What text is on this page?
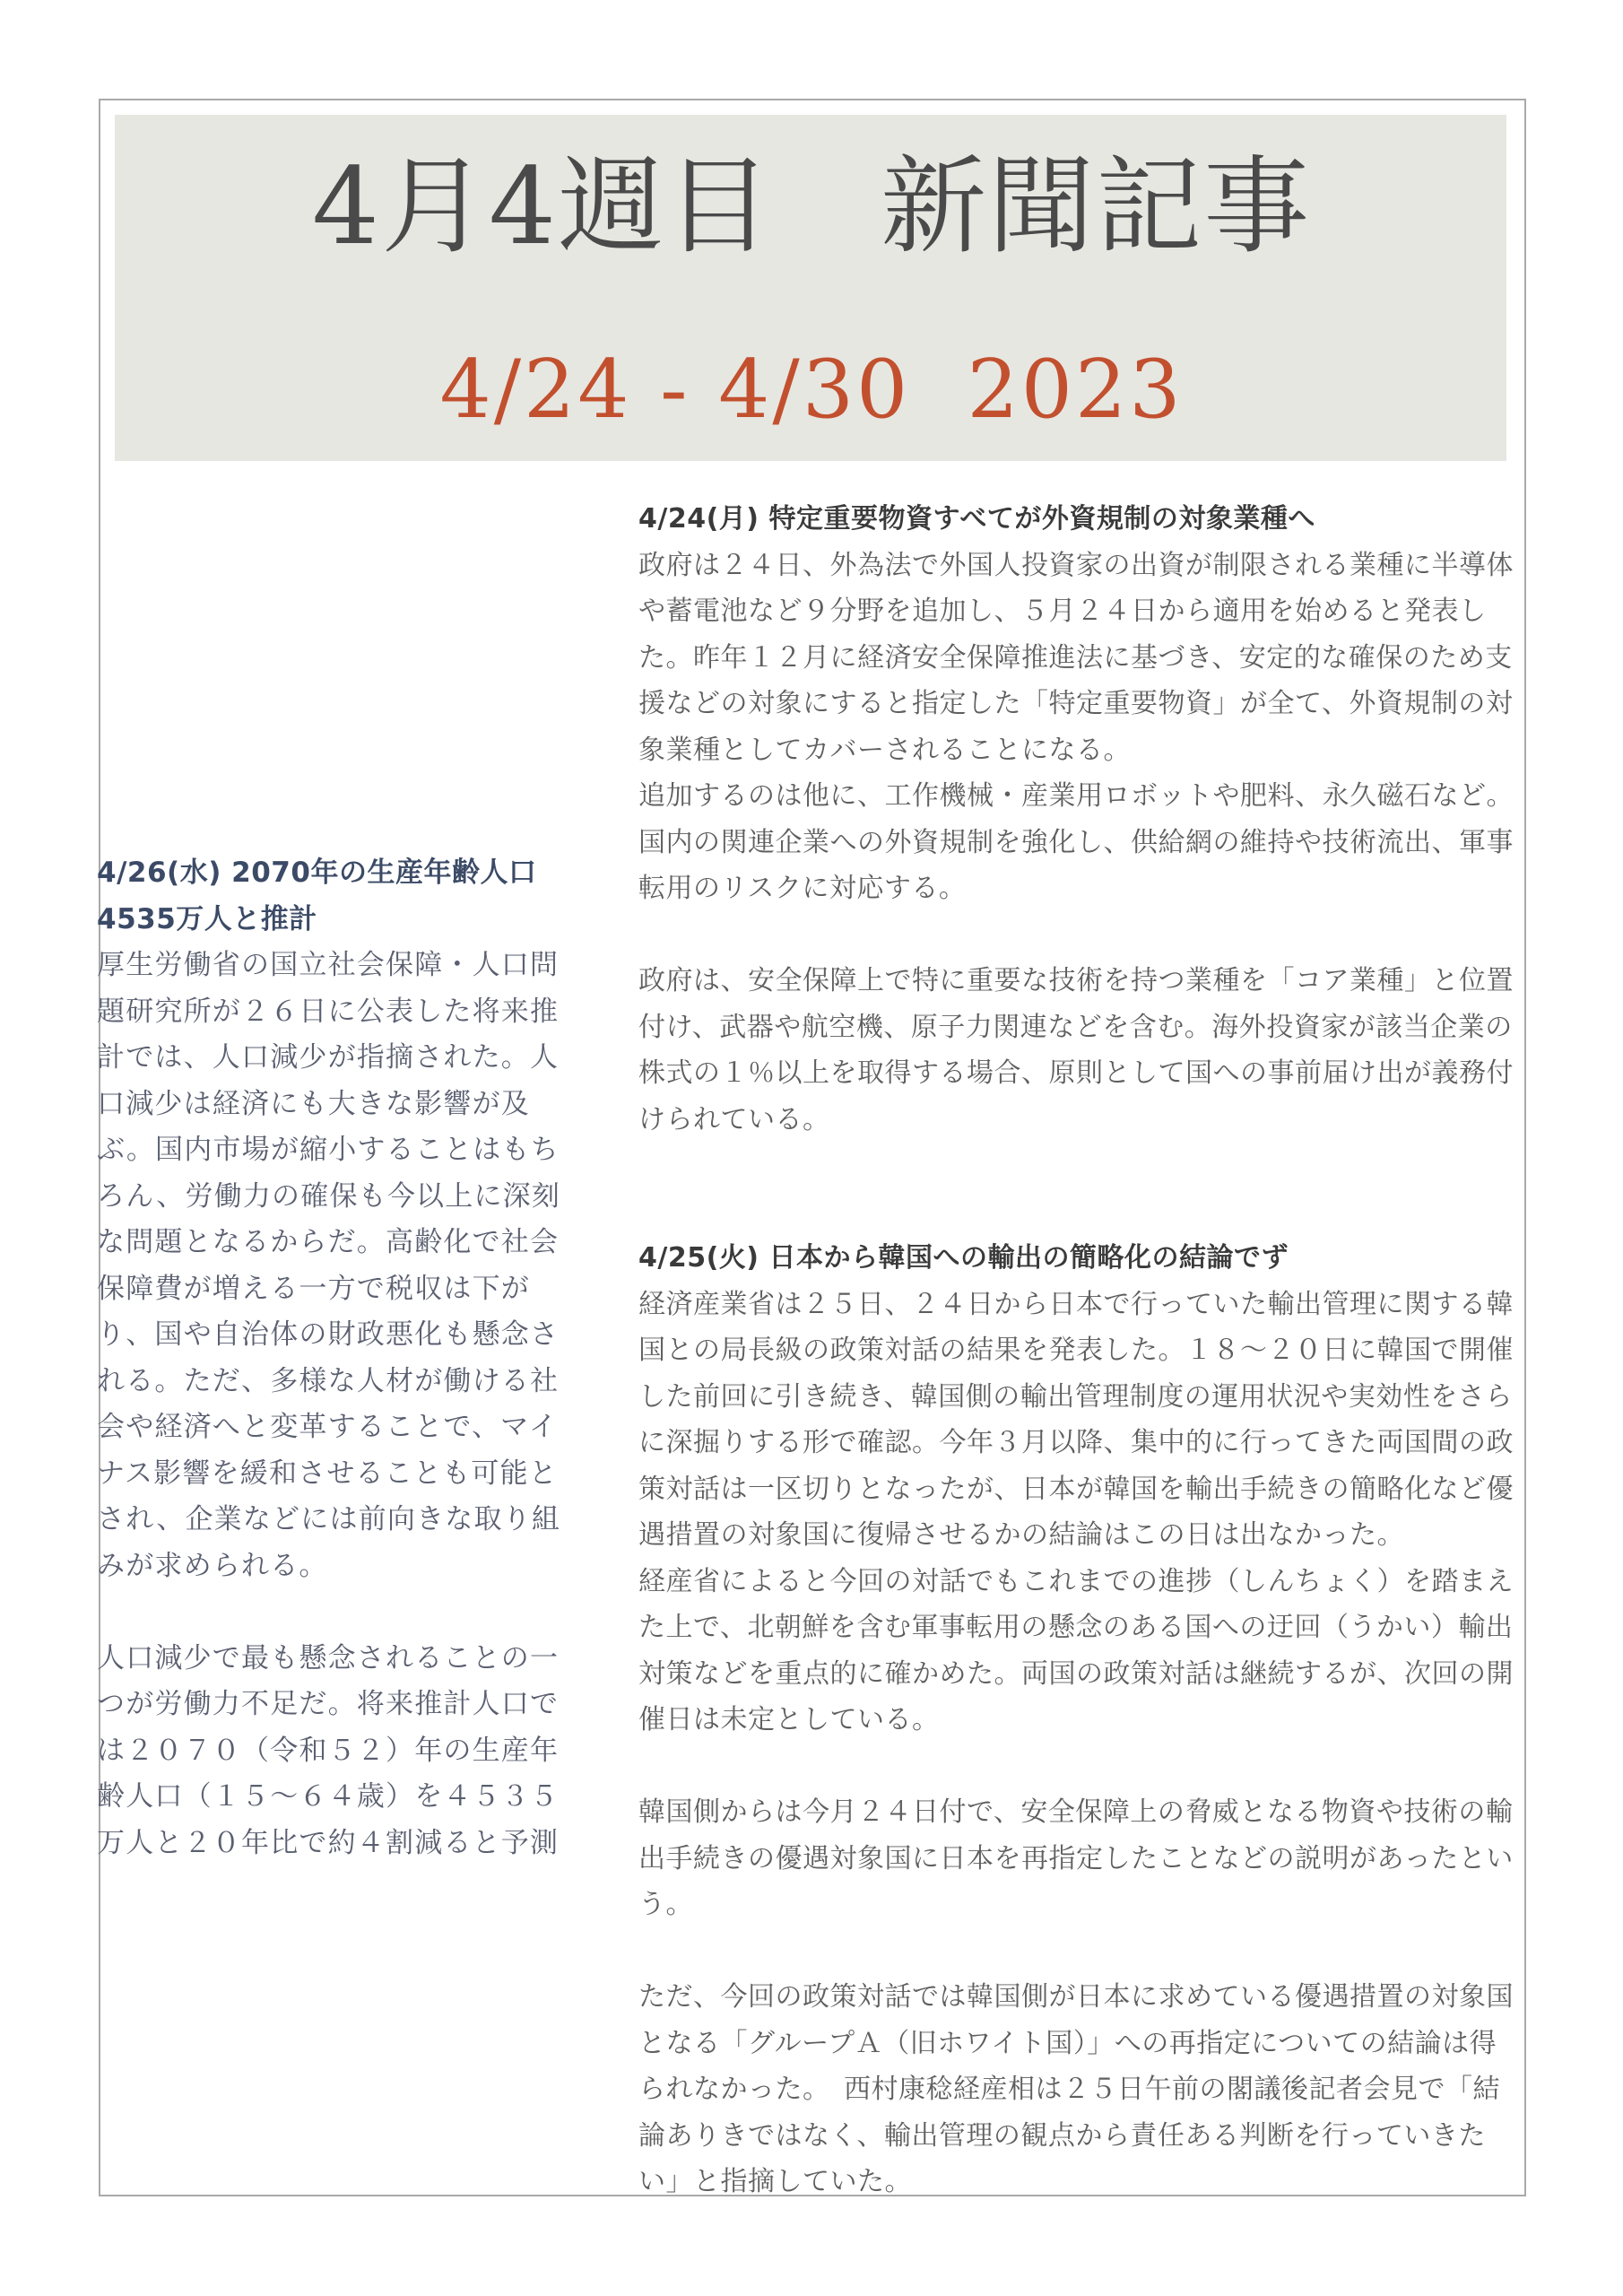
4月4週目　新聞記事
4/24 - 4/30  2023
4/26(水) 2070年の生産年齢人口
4535万人と推計
厚生労働省の国立社会保障・人口問題研究所が２６日に公表した将来推計では、人口減少が指摘された。人口減少は経済にも大きな影響が及ぶ。国内市場が縮小することはもちろん、労働力の確保も今以上に深刻な問題となるからだ。高齢化で社会保障費が増える一方で税収は下がり、国や自治体の財政悪化も懸念される。ただ、多様な人材が働ける社会や経済へと変革することで、マイナス影響を緩和させることも可能とされ、企業などには前向きな取り組みが求められる。
人口減少で最も懸念されることの一つが労働力不足だ。将来推計人口では２０７０（令和５２）年の生産年齢人口（１５～６４歳）を４５３５万人と２０年比で約４割減ると予測
4/24(月) 特定重要物資すべてが外資規制の対象業種へ
政府は２４日、外為法で外国人投資家の出資が制限される業種に半導体や蓄電池など９分野を追加し、５月２４日から適用を始めると発表した。昨年１２月に経済安全保障推進法に基づき、安定的な確保のため支援などの対象にすると指定した「特定重要物資」が全て、外資規制の対象業種としてカバーされることになる。
追加するのは他に、工作機械・産業用ロボットや肥料、永久磁石など。国内の関連企業への外資規制を強化し、供給網の維持や技術流出、軍事転用のリスクに対応する。
政府は、安全保障上で特に重要な技術を持つ業種を「コア業種」と位置付け、武器や航空機、原子力関連などを含む。海外投資家が該当企業の株式の１％以上を取得する場合、原則として国への事前届け出が義務付けられている。
4/25(火) 日本から韓国への輸出の簡略化の結論でず
経済産業省は２５日、２４日から日本で行っていた輸出管理に関する韓国との局長級の政策対話の結果を発表した。１８～２０日に韓国で開催した前回に引き続き、韓国側の輸出管理制度の運用状況や実効性をさらに深掘りする形で確認。今年３月以降、集中的に行ってきた両国間の政策対話は一区切りとなったが、日本が韓国を輸出手続きの簡略化など優遇措置の対象国に復帰させるかの結論はこの日は出なかった。
経産省によると今回の対話でもこれまでの進捗（しんちょく）を踏まえた上で、北朝鮮を含む軍事転用の懸念のある国への迂回（うかい）輸出対策などを重点的に確かめた。両国の政策対話は継続するが、次回の開催日は未定としている。
韓国側からは今月２４日付で、安全保障上の脅威となる物資や技術の輸出手続きの優遇対象国に日本を再指定したことなどの説明があったという。
ただ、今回の政策対話では韓国側が日本に求めている優遇措置の対象国となる「グループＡ（旧ホワイト国）」への再指定についての結論は得られなかった。　西村康稔経産相は２５日午前の閣議後記者会見で「結論ありきではなく、輸出管理の観点から責任ある判断を行っていきたい」と指摘していた。
